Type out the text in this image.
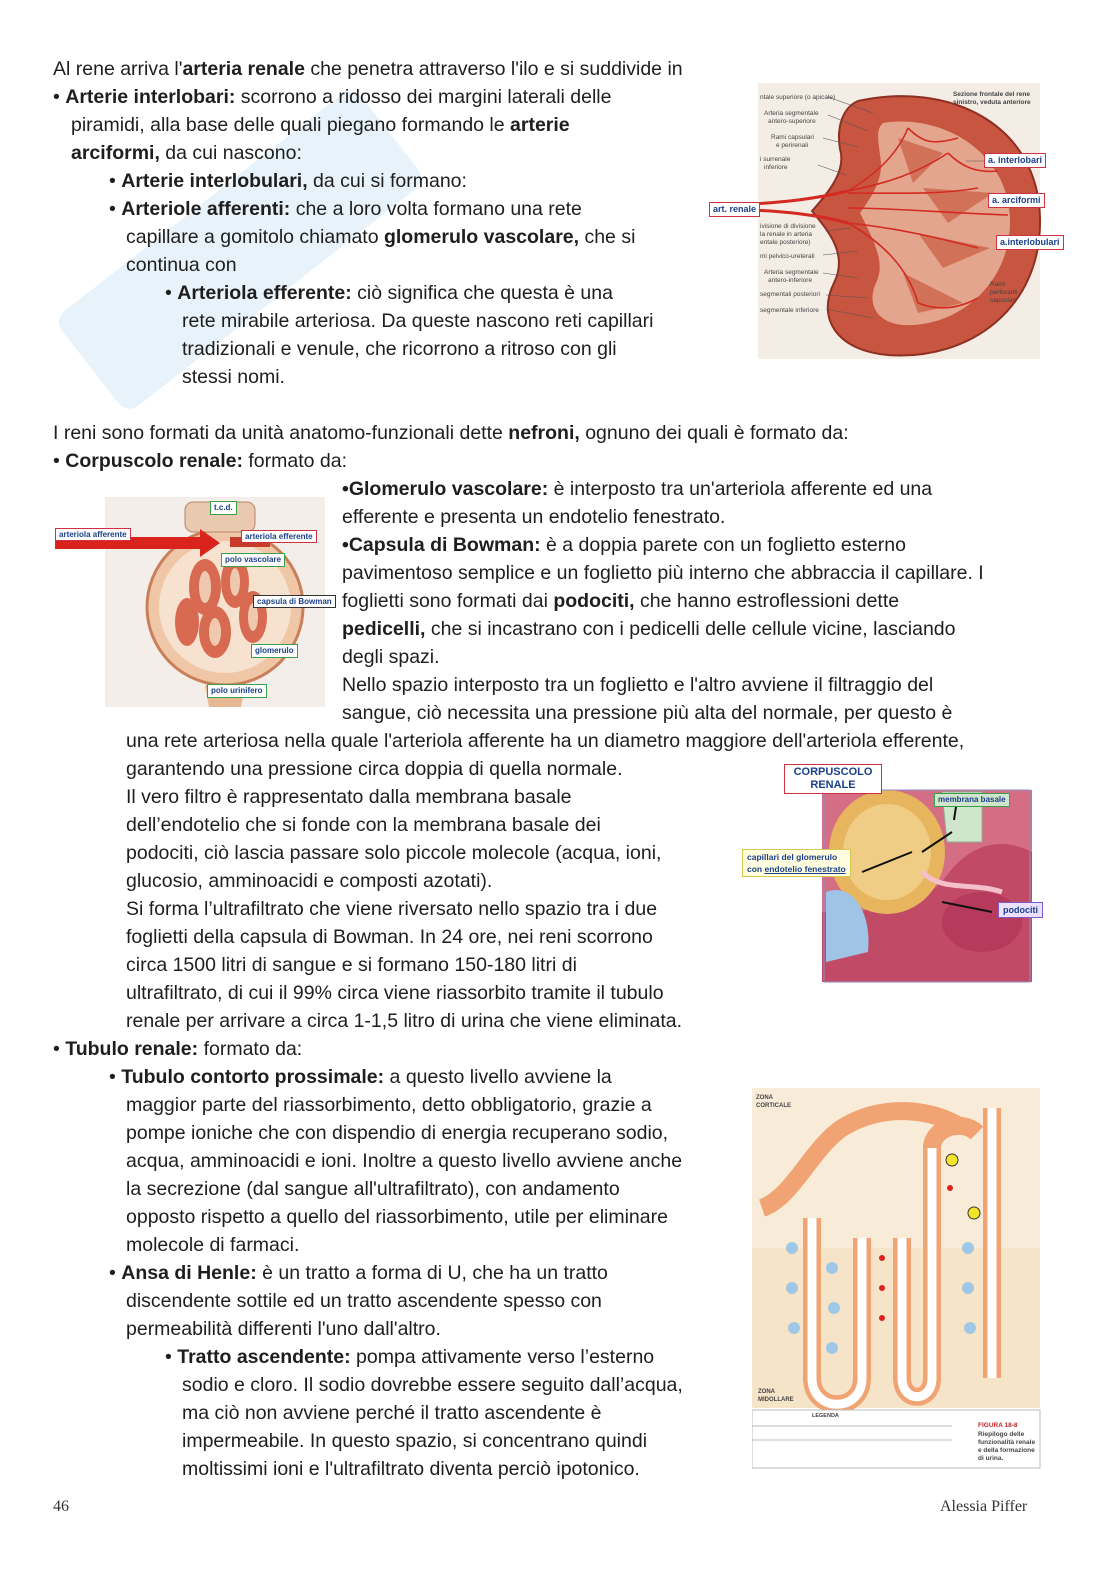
Al rene arriva l'arteria renale che penetra attraverso l'ilo e si suddivide in
• Arterie interlobari: scorrono a ridosso dei margini laterali delle
piramidi, alla base delle quali piegano formando le arterie
arciformi, da cui nascono:
• Arterie interlobulari, da cui si formano:
• Arteriole afferenti: che a loro volta formano una rete
capillare a gomitolo chiamato glomerulo vascolare, che si
continua con
• Arteriola efferente: ciò significa che questa è una
rete mirabile arteriosa. Da queste nascono reti capillari
tradizionali e venule, che ricorrono a ritroso con gli
stessi nomi.
Sezione frontale del rene sinistro, veduta anteriore
ntale superiore (o apicale)
Arteria segmentale
antero-superiore
Rami capsulari
e perirenali
i surrenale
inferiore
ivisione di divisione
la renale in arteria
entale posteriore)
mi pelvico-ureterali
Arteria segmentale
antero-inferiore
segmentali posteriori
segmentale inferiore
Rami
perforanti
capsulari
a. interlobari
a. arciformi
a.interlobulari
art. renale
I reni sono formati da unità anatomo-funzionali dette nefroni, ognuno dei quali è formato da:
• Corpuscolo renale: formato da:
•Glomerulo vascolare: è interposto tra un'arteriola afferente ed una
efferente e presenta un endotelio fenestrato.
•Capsula di Bowman: è a doppia parete con un foglietto esterno
pavimentoso semplice e un foglietto più interno che abbraccia il capillare. I
foglietti sono formati dai podociti, che hanno estroflessioni dette
pedicelli, che si incastrano con i pedicelli delle cellule vicine, lasciando
degli spazi.
Nello spazio interposto tra un foglietto e l'altro avviene il filtraggio del
sangue, ciò necessita una pressione più alta del normale, per questo è
una rete arteriosa nella quale l'arteriola afferente ha un diametro maggiore dell'arteriola efferente,
garantendo una pressione circa doppia di quella normale.
Il vero filtro è rappresentato dalla membrana basale
dell’endotelio che si fonde con la membrana basale dei
podociti, ciò lascia passare solo piccole molecole (acqua, ioni,
glucosio, amminoacidi e composti azotati).
Si forma l’ultrafiltrato che viene riversato nello spazio tra i due
foglietti della capsula di Bowman. In 24 ore, nei reni scorrono
circa 1500 litri di sangue e si formano 150-180 litri di
ultrafiltrato, di cui il 99% circa viene riassorbito tramite il tubulo
renale per arrivare a circa 1-1,5 litro di urina che viene eliminata.
t.c.d.
arteriola afferente	arteriola efferente
polo vascolare
capsula di Bowman
glomerulo
polo urinifero
CORPUSCOLO
RENALE
membrana basale
capillari del glomerulo
con endotelio fenestrato
podociti
• Tubulo renale: formato da:
• Tubulo contorto prossimale: a questo livello avviene la
maggior parte del riassorbimento, detto obbligatorio, grazie a
pompe ioniche che con dispendio di energia recuperano sodio,
acqua, amminoacidi e ioni. Inoltre a questo livello avviene anche
la secrezione (dal sangue all'ultrafiltrato), con andamento
opposto rispetto a quello del riassorbimento, utile per eliminare
molecole di farmaci.
• Ansa di Henle: è un tratto a forma di U, che ha un tratto
discendente sottile ed un tratto ascendente spesso con
permeabilità differenti l'uno dall'altro.
• Tratto ascendente: pompa attivamente verso l’esterno
sodio e cloro. Il sodio dovrebbe essere seguito dall’acqua,
ma ciò non avviene perché il tratto ascendente è
impermeabile. In questo spazio, si concentrano quindi
moltissimi ioni e l'ultrafiltrato diventa perciò ipotonico.
ZONA CORTICALE
ZONA MIDOLLARE
LEGENDA
FIGURA 18-8
Riepilogo delle
funzionalità renale
e della formazione
di urina.
46	Alessia Piffer
